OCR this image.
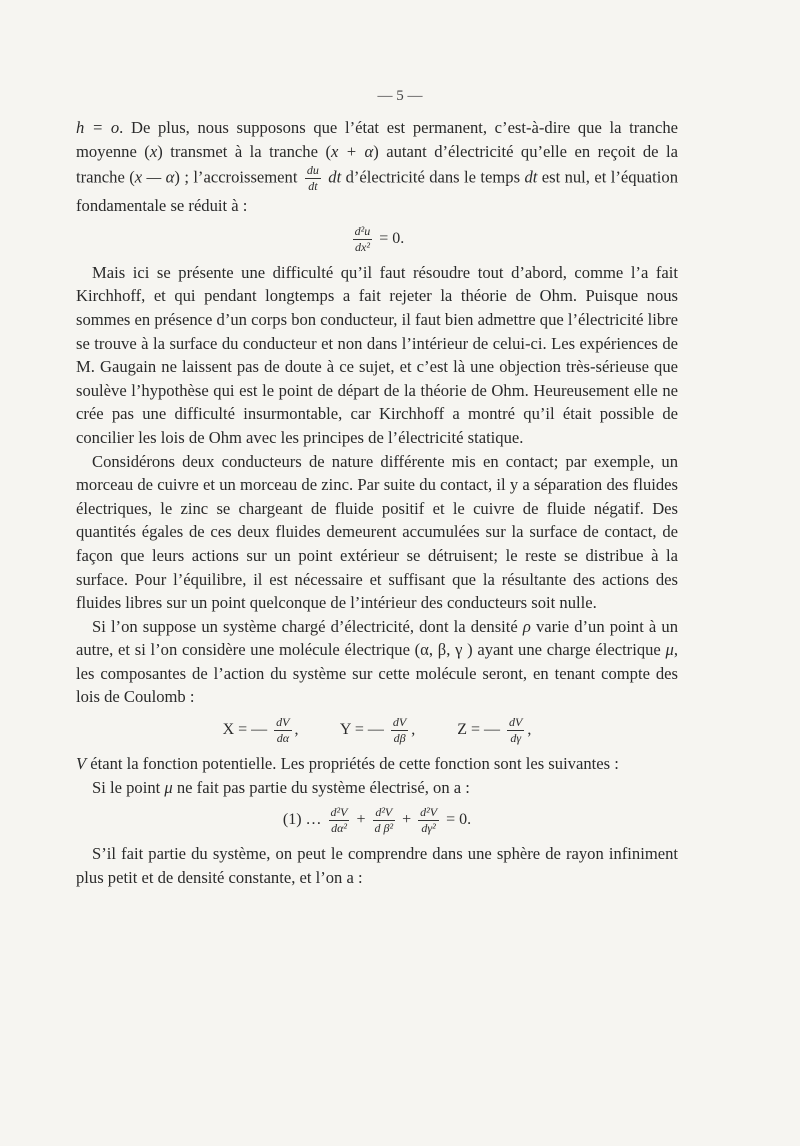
— 5 —

h = o. De plus, nous supposons que l’état est permanent, c’est-à-dire que la tranche moyenne (x) transmet à la tranche (x + α) autant d’électricité qu’elle en reçoit de la tranche (x — α) ; l’accroissement $\frac{du}{dt}$ dt d’électricité dans le temps dt est nul, et l’équation fondamentale se réduit à :

$\frac{\text{d²u}}{\text{dx²}} = 0$.

Mais ici se présente une difficulté qu’il faut résoudre tout d’abord, comme l’a fait Kirchhoff, et qui pendant longtemps a fait rejeter la théorie de Ohm. Puisque nous sommes en présence d’un corps bon conducteur, il faut bien admettre que l’électricité libre se trouve à la surface du conducteur et non dans l’intérieur de celui-ci. Les expériences de M. Gaugain ne laissent pas de doute à ce sujet, et c’est là une objection très-sérieuse que soulève l’hypothèse qui est le point de départ de la théorie de Ohm. Heureusement elle ne crée pas une difficulté insurmontable, car Kirchhoff a montré qu’il était possible de concilier les lois de Ohm avec les principes de l’électricité statique.

Considérons deux conducteurs de nature différente mis en contact; par exemple, un morceau de cuivre et un morceau de zinc. Par suite du contact, il y a séparation des fluides électriques, le zinc se chargeant de fluide positif et le cuivre de fluide négatif. Des quantités égales de ces deux fluides demeurent accumulées sur la surface de contact, de façon que leurs actions sur un point extérieur se détruisent; le reste se distribue à la surface. Pour l’équilibre, il est nécessaire et suffisant que la résultante des actions des fluides libres sur un point quelconque de l’intérieur des conducteurs soit nulle.

Si l’on suppose un système chargé d’électricité, dont la densité ρ varie d’un point à un autre, et si l’on considère une molécule électrique (α, β, γ ) ayant une charge électrique μ, les composantes de l’action du système sur cette molécule seront, en tenant compte des lois de Coulomb :

X = — $\frac{dV}{d\alpha}$ ,	Y = — $\frac{dV}{d\beta}$ ,	Z = — $\frac{dV}{d\gamma}$ ,

V étant la fonction potentielle. Les propriétés de cette fonction sont les suivantes :

Si le point μ ne fait pas partie du système électrisé, on a :

(1) … $\frac{\text{d²V}}{\text{dα²}} + \frac{\text{d²V}}{\text{d β²}} + \frac{\text{d²V}}{\text{dγ²}} = 0$.

S’il fait partie du système, on peut le comprendre dans une sphère de rayon infiniment plus petit et de densité constante, et l’on a :
